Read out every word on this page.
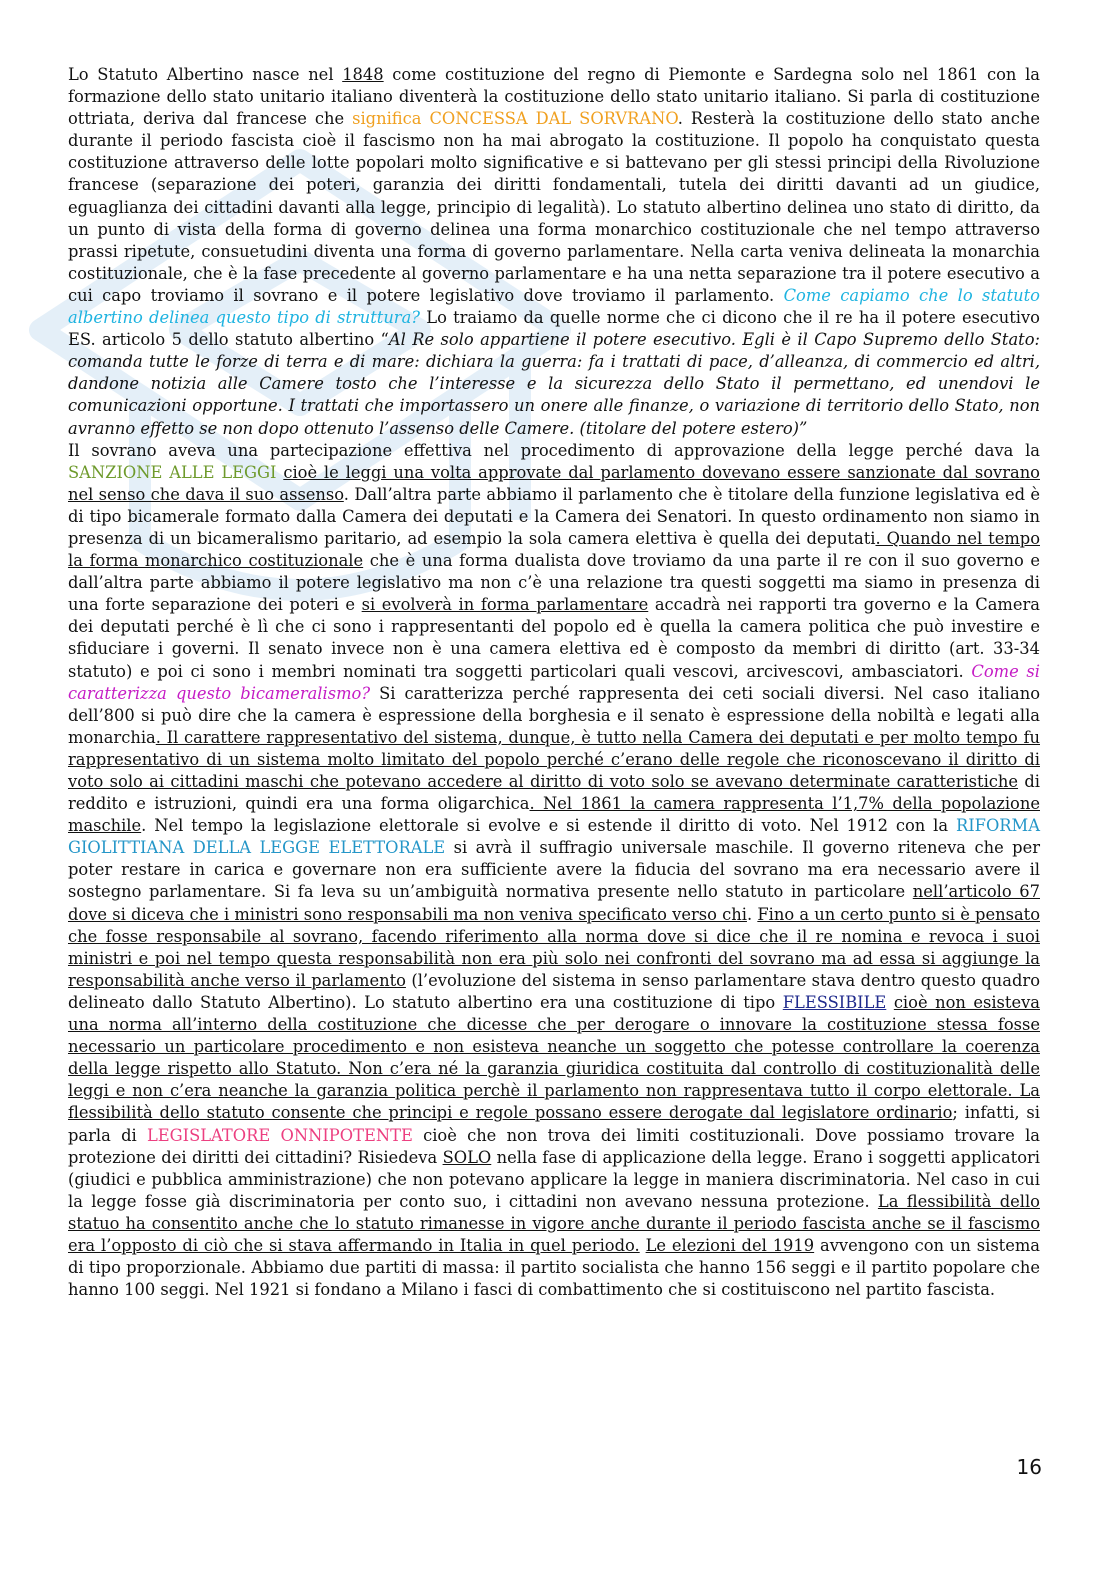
Lo Statuto Albertino nasce nel 1848 come costituzione del regno di Piemonte e Sardegna solo nel 1861 con la formazione dello stato unitario italiano diventerà la costituzione dello stato unitario italiano. Si parla di costituzione ottriata, deriva dal francese che significa CONCESSA DAL SORVRANO. Resterà la costituzione dello stato anche durante il periodo fascista cioè il fascismo non ha mai abrogato la costituzione. Il popolo ha conquistato questa costituzione attraverso delle lotte popolari molto significative e si battevano per gli stessi principi della Rivoluzione francese (separazione dei poteri, garanzia dei diritti fondamentali, tutela dei diritti davanti ad un giudice, eguaglianza dei cittadini davanti alla legge, principio di legalità). Lo statuto albertino delinea uno stato di diritto, da un punto di vista della forma di governo delinea una forma monarchico costituzionale che nel tempo attraverso prassi ripetute, consuetudini diventa una forma di governo parlamentare. Nella carta veniva delineata la monarchia costituzionale, che è la fase precedente al governo parlamentare e ha una netta separazione tra il potere esecutivo a cui capo troviamo il sovrano e il potere legislativo dove troviamo il parlamento. Come capiamo che lo statuto albertino delinea questo tipo di struttura? Lo traiamo da quelle norme che ci dicono che il re ha il potere esecutivo ES. articolo 5 dello statuto albertino “Al Re solo appartiene il potere esecutivo. Egli è il Capo Supremo dello Stato: comanda tutte le forze di terra e di mare: dichiara la guerra: fa i trattati di pace, d’alleanza, di commercio ed altri, dandone notizia alle Camere tosto che l’interesse e la sicurezza dello Stato il permettano, ed unendovi le comunicazioni opportune. I trattati che importassero un onere alle finanze, o variazione di territorio dello Stato, non avranno effetto se non dopo ottenuto l’assenso delle Camere. (titolare del potere estero)”

Il sovrano aveva una partecipazione effettiva nel procedimento di approvazione della legge perché dava la SANZIONE ALLE LEGGI cioè le leggi una volta approvate dal parlamento dovevano essere sanzionate dal sovrano nel senso che dava il suo assenso. Dall’altra parte abbiamo il parlamento che è titolare della funzione legislativa ed è di tipo bicamerale formato dalla Camera dei deputati e la Camera dei Senatori. In questo ordinamento non siamo in presenza di un bicameralismo paritario, ad esempio la sola camera elettiva è quella dei deputati. Quando nel tempo la forma monarchico costituzionale che è una forma dualista dove troviamo da una parte il re con il suo governo e dall’altra parte abbiamo il potere legislativo ma non c’è una relazione tra questi soggetti ma siamo in presenza di una forte separazione dei poteri e si evolverà in forma parlamentare accadrà nei rapporti tra governo e la Camera dei deputati perché è lì che ci sono i rappresentanti del popolo ed è quella la camera politica che può investire e sfiduciare i governi. Il senato invece non è una camera elettiva ed è composto da membri di diritto (art. 33-34 statuto) e poi ci sono i membri nominati tra soggetti particolari quali vescovi, arcivescovi, ambasciatori. Come si caratterizza questo bicameralismo? Si caratterizza perché rappresenta dei ceti sociali diversi. Nel caso italiano dell’800 si può dire che la camera è espressione della borghesia e il senato è espressione della nobiltà e legati alla monarchia. Il carattere rappresentativo del sistema, dunque, è tutto nella Camera dei deputati e per molto tempo fu rappresentativo di un sistema molto limitato del popolo perché c’erano delle regole che riconoscevano il diritto di voto solo ai cittadini maschi che potevano accedere al diritto di voto solo se avevano determinate caratteristiche di reddito e istruzioni, quindi era una forma oligarchica. Nel 1861 la camera rappresenta l’1,7% della popolazione maschile. Nel tempo la legislazione elettorale si evolve e si estende il diritto di voto. Nel 1912 con la RIFORMA GIOLITTIANA DELLA LEGGE ELETTORALE si avrà il suffragio universale maschile. Il governo riteneva che per poter restare in carica e governare non era sufficiente avere la fiducia del sovrano ma era necessario avere il sostegno parlamentare. Si fa leva su un’ambiguità normativa presente nello statuto in particolare nell’articolo 67 dove si diceva che i ministri sono responsabili ma non veniva specificato verso chi. Fino a un certo punto si è pensato che fosse responsabile al sovrano, facendo riferimento alla norma dove si dice che il re nomina e revoca i suoi ministri e poi nel tempo questa responsabilità non era più solo nei confronti del sovrano ma ad essa si aggiunge la responsabilità anche verso il parlamento (l’evoluzione del sistema in senso parlamentare stava dentro questo quadro delineato dallo Statuto Albertino). Lo statuto albertino era una costituzione di tipo FLESSIBILE cioè non esisteva una norma all’interno della costituzione che dicesse che per derogare o innovare la costituzione stessa fosse necessario un particolare procedimento e non esisteva neanche un soggetto che potesse controllare la coerenza della legge rispetto allo Statuto. Non c’era né la garanzia giuridica costituita dal controllo di costituzionalità delle leggi e non c’era neanche la garanzia politica perchè il parlamento non rappresentava tutto il corpo elettorale. La flessibilità dello statuto consente che principi e regole possano essere derogate dal legislatore ordinario; infatti, si parla di LEGISLATORE ONNIPOTENTE cioè che non trova dei limiti costituzionali. Dove possiamo trovare la protezione dei diritti dei cittadini? Risiedeva SOLO nella fase di applicazione della legge. Erano i soggetti applicatori (giudici e pubblica amministrazione) che non potevano applicare la legge in maniera discriminatoria. Nel caso in cui la legge fosse già discriminatoria per conto suo, i cittadini non avevano nessuna protezione. La flessibilità dello statuo ha consentito anche che lo statuto rimanesse in vigore anche durante il periodo fascista anche se il fascismo era l’opposto di ciò che si stava affermando in Italia in quel periodo. Le elezioni del 1919 avvengono con un sistema di tipo proporzionale. Abbiamo due partiti di massa: il partito socialista che hanno 156 seggi e il partito popolare che hanno 100 seggi. Nel 1921 si fondano a Milano i fasci di combattimento che si costituiscono nel partito fascista.

16
